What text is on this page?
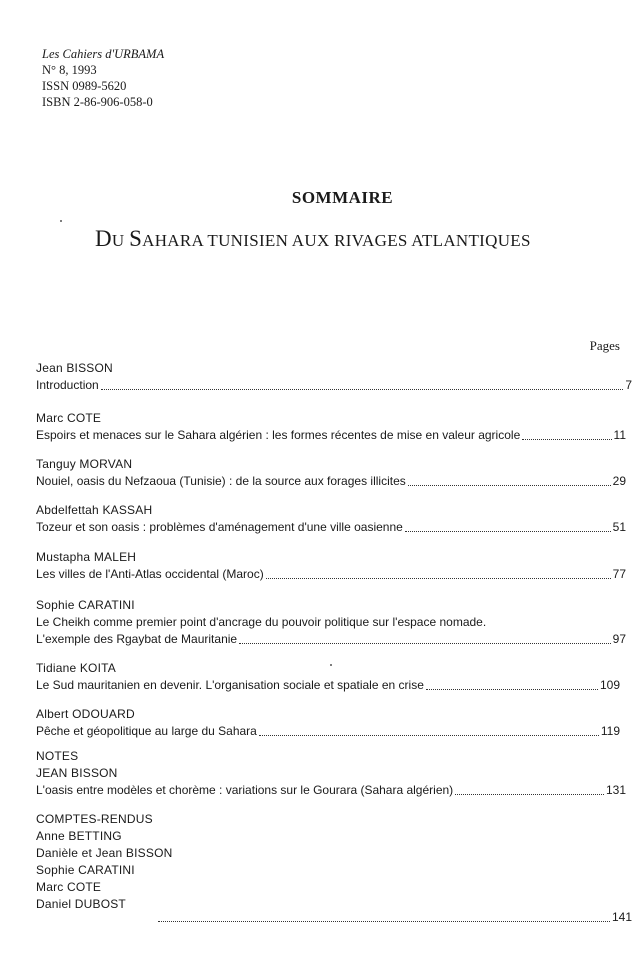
Les Cahiers d'URBAMA
N° 8, 1993
ISSN 0989-5620
ISBN 2-86-906-058-0
SOMMAIRE
DU SAHARA TUNISIEN AUX RIVAGES ATLANTIQUES
Pages
Jean BISSON
Introduction	7
Marc COTE
Espoirs et menaces sur le Sahara algérien : les formes récentes de mise en valeur agricole	11
Tanguy MORVAN
Nouiel, oasis du Nefzaoua (Tunisie) : de la source aux forages illicites	29
Abdelfettah KASSAH
Tozeur et son oasis : problèmes d'aménagement d'une ville oasienne	51
Mustapha MALEH
Les villes de l'Anti-Atlas occidental (Maroc)	77
Sophie CARATINI
Le Cheikh comme premier point d'ancrage du pouvoir politique sur l'espace nomade.
L'exemple des Rgaybat de Mauritanie	97
Tidiane KOITA
Le Sud mauritanien en devenir. L'organisation sociale et spatiale en crise	109
Albert ODOUARD
Pêche et géopolitique au large du Sahara	119
NOTES
JEAN BISSON
L'oasis entre modèles et chorème : variations sur le Gourara (Sahara algérien)	131
COMPTES-RENDUS
Anne BETTING
Danièle et Jean BISSON
Sophie CARATINI
Marc COTE
Daniel DUBOST
141
